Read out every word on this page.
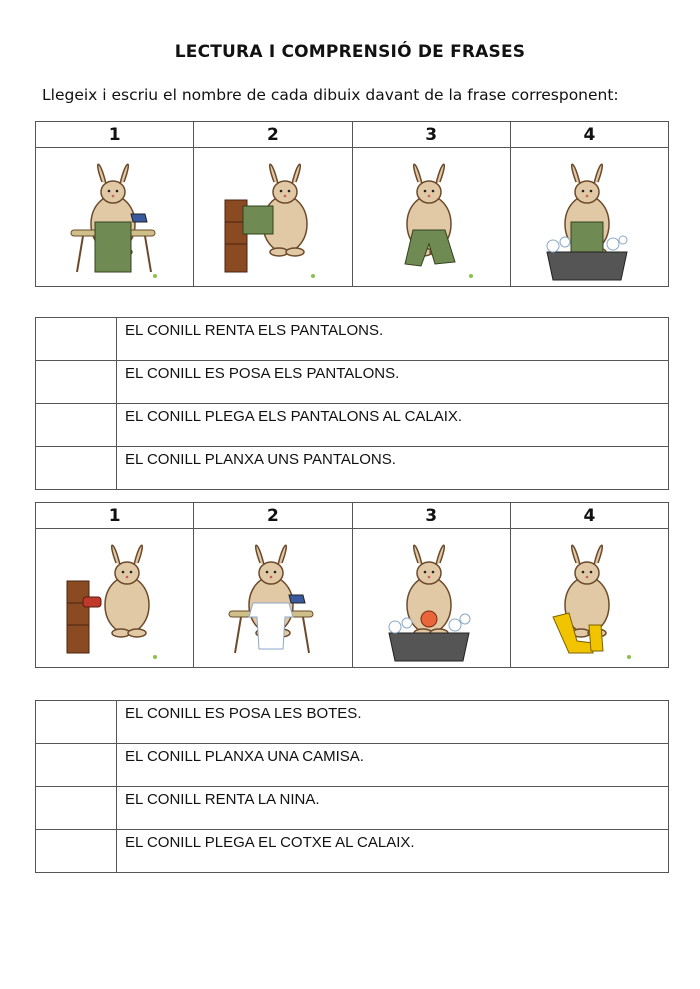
LECTURA I COMPRENSIÓ DE FRASES
Llegeix i escriu el nombre de cada dibuix davant de la frase corresponent:
1	2	3	4

	EL CONILL RENTA ELS PANTALONS.
	EL CONILL ES POSA ELS PANTALONS.
	EL CONILL PLEGA ELS PANTALONS AL CALAIX.
	EL CONILL PLANXA UNS PANTALONS.
1	2	3	4

	EL CONILL ES POSA LES BOTES.
	EL CONILL PLANXA UNA CAMISA.
	EL CONILL RENTA LA NINA.
	EL CONILL PLEGA EL COTXE AL CALAIX.
